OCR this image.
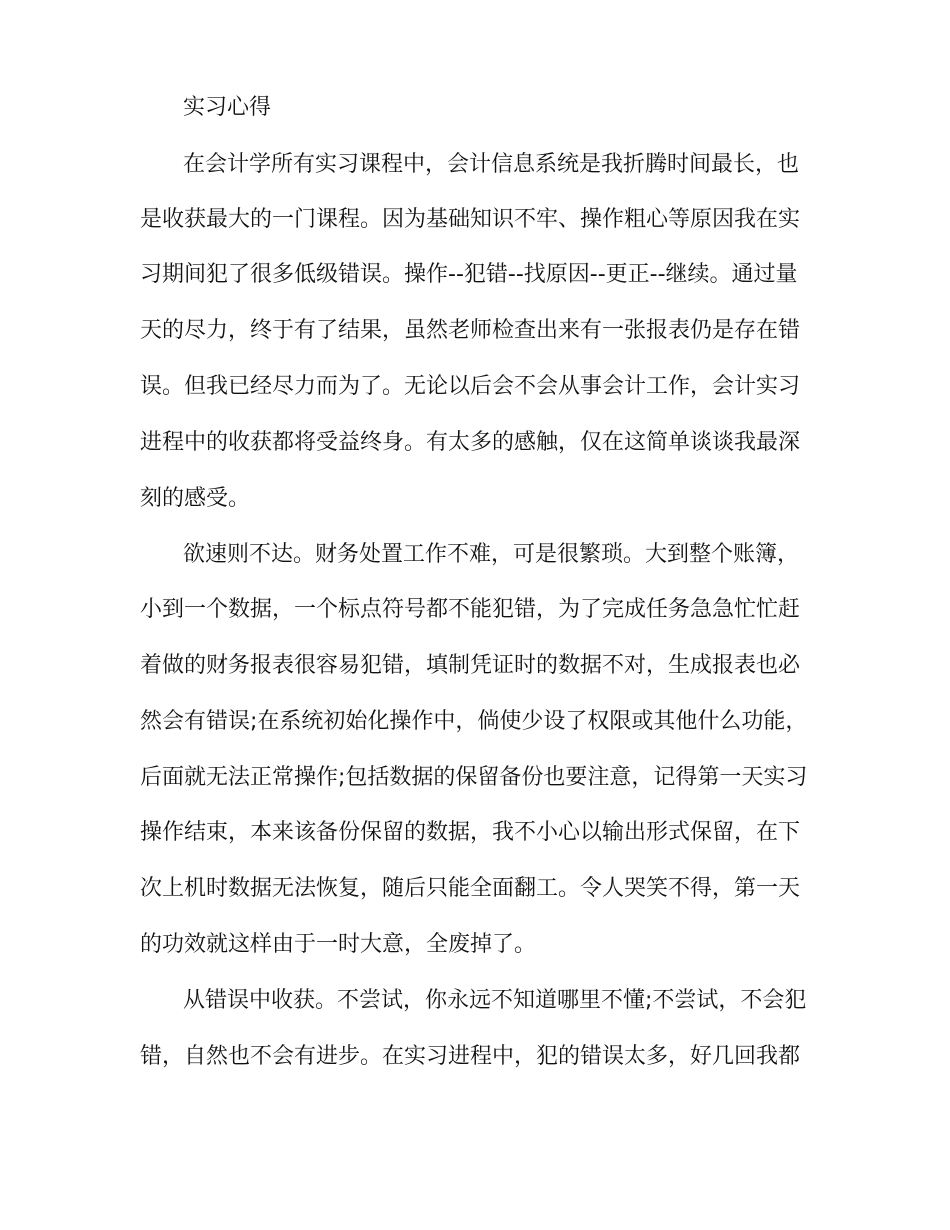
实习心得

在会计学所有实习课程中，会计信息系统是我折腾时间最长，也

是收获最大的一门课程。因为基础知识不牢、操作粗心等原因我在实

习期间犯了很多低级错误。操作--犯错--找原因--更正--继续。通过量

天的尽力，终于有了结果，虽然老师检查出来有一张报表仍是存在错

误。但我已经尽力而为了。无论以后会不会从事会计工作，会计实习

进程中的收获都将受益终身。有太多的感触，仅在这简单谈谈我最深

刻的感受。

欲速则不达。财务处置工作不难，可是很繁琐。大到整个账簿，

小到一个数据，一个标点符号都不能犯错，为了完成任务急急忙忙赶

着做的财务报表很容易犯错，填制凭证时的数据不对，生成报表也必

然会有错误;在系统初始化操作中，倘使少设了权限或其他什么功能，

后面就无法正常操作;包括数据的保留备份也要注意，记得第一天实习

操作结束，本来该备份保留的数据，我不小心以输出形式保留，在下

次上机时数据无法恢复，随后只能全面翻工。令人哭笑不得，第一天

的功效就这样由于一时大意，全废掉了。

从错误中收获。不尝试，你永远不知道哪里不懂;不尝试，不会犯

错，自然也不会有进步。在实习进程中，犯的错误太多，好几回我都
